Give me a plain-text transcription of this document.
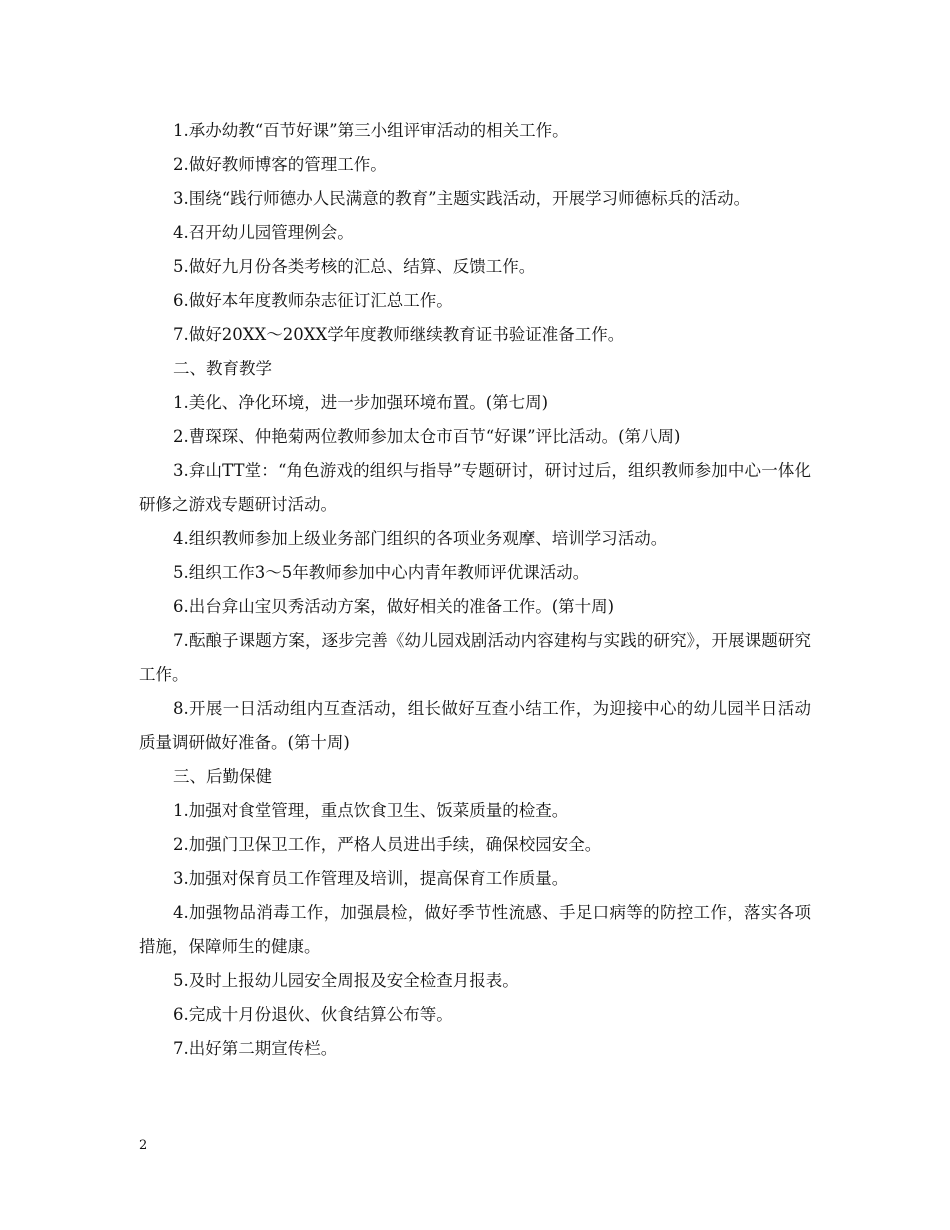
1.承办幼教“百节好课”第三小组评审活动的相关工作。

2.做好教师博客的管理工作。

3.围绕“践行师德办人民满意的教育”主题实践活动，开展学习师德标兵的活动。

4.召开幼儿园管理例会。

5.做好九月份各类考核的汇总、结算、反馈工作。

6.做好本年度教师杂志征订汇总工作。

7.做好20XX～20XX学年度教师继续教育证书验证准备工作。

二、教育教学

1.美化、净化环境，进一步加强环境布置。(第七周)

2.曹琛琛、仲艳菊两位教师参加太仓市百节“好课”评比活动。(第八周)

3.弇山TT堂：“角色游戏的组织与指导”专题研讨，研讨过后，组织教师参加中心一体化研修之游戏专题研讨活动。

4.组织教师参加上级业务部门组织的各项业务观摩、培训学习活动。

5.组织工作3～5年教师参加中心内青年教师评优课活动。

6.出台弇山宝贝秀活动方案，做好相关的准备工作。(第十周)

7.酝酿子课题方案，逐步完善《幼儿园戏剧活动内容建构与实践的研究》，开展课题研究工作。

8.开展一日活动组内互查活动，组长做好互查小结工作，为迎接中心的幼儿园半日活动质量调研做好准备。(第十周)

三、后勤保健

1.加强对食堂管理，重点饮食卫生、饭菜质量的检查。

2.加强门卫保卫工作，严格人员进出手续，确保校园安全。

3.加强对保育员工作管理及培训，提高保育工作质量。

4.加强物品消毒工作，加强晨检，做好季节性流感、手足口病等的防控工作，落实各项措施，保障师生的健康。

5.及时上报幼儿园安全周报及安全检查月报表。

6.完成十月份退伙、伙食结算公布等。

7.出好第二期宣传栏。

2
